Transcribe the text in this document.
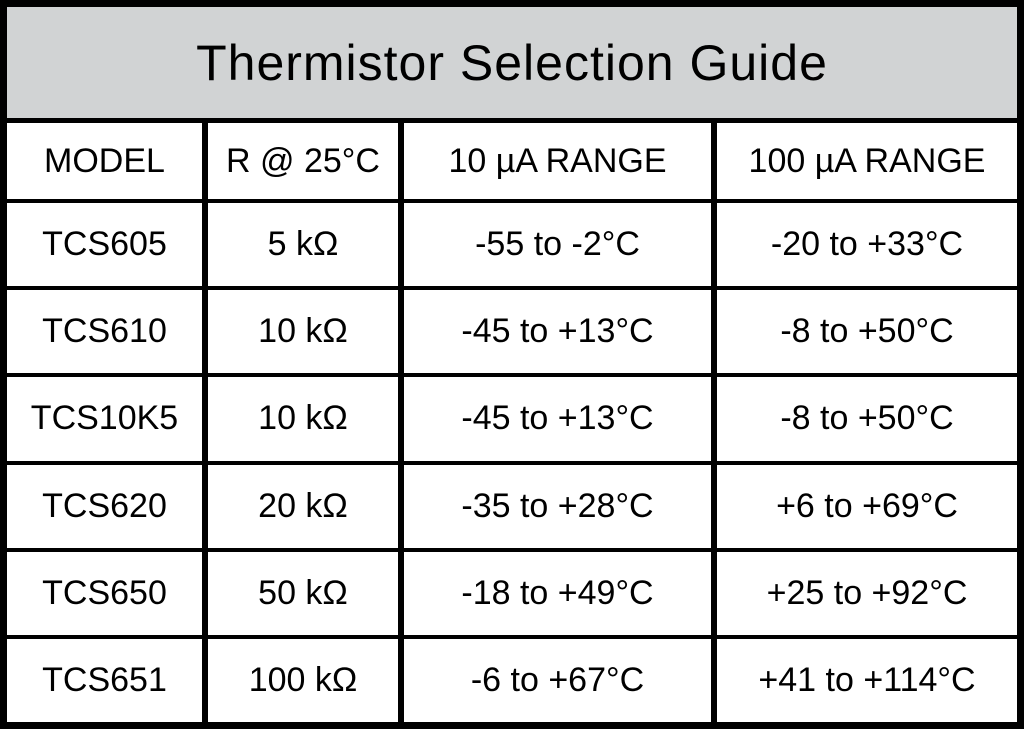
Thermistor Selection Guide
MODEL	R @ 25°C	10 µA RANGE	100 µA RANGE
TCS605	5 kΩ	-55 to -2°C	-20 to +33°C
TCS610	10 kΩ	-45 to +13°C	-8 to +50°C
TCS10K5	10 kΩ	-45 to +13°C	-8 to +50°C
TCS620	20 kΩ	-35 to +28°C	+6 to +69°C
TCS650	50 kΩ	-18 to +49°C	+25 to +92°C
TCS651	100 kΩ	-6 to +67°C	+41 to +114°C
